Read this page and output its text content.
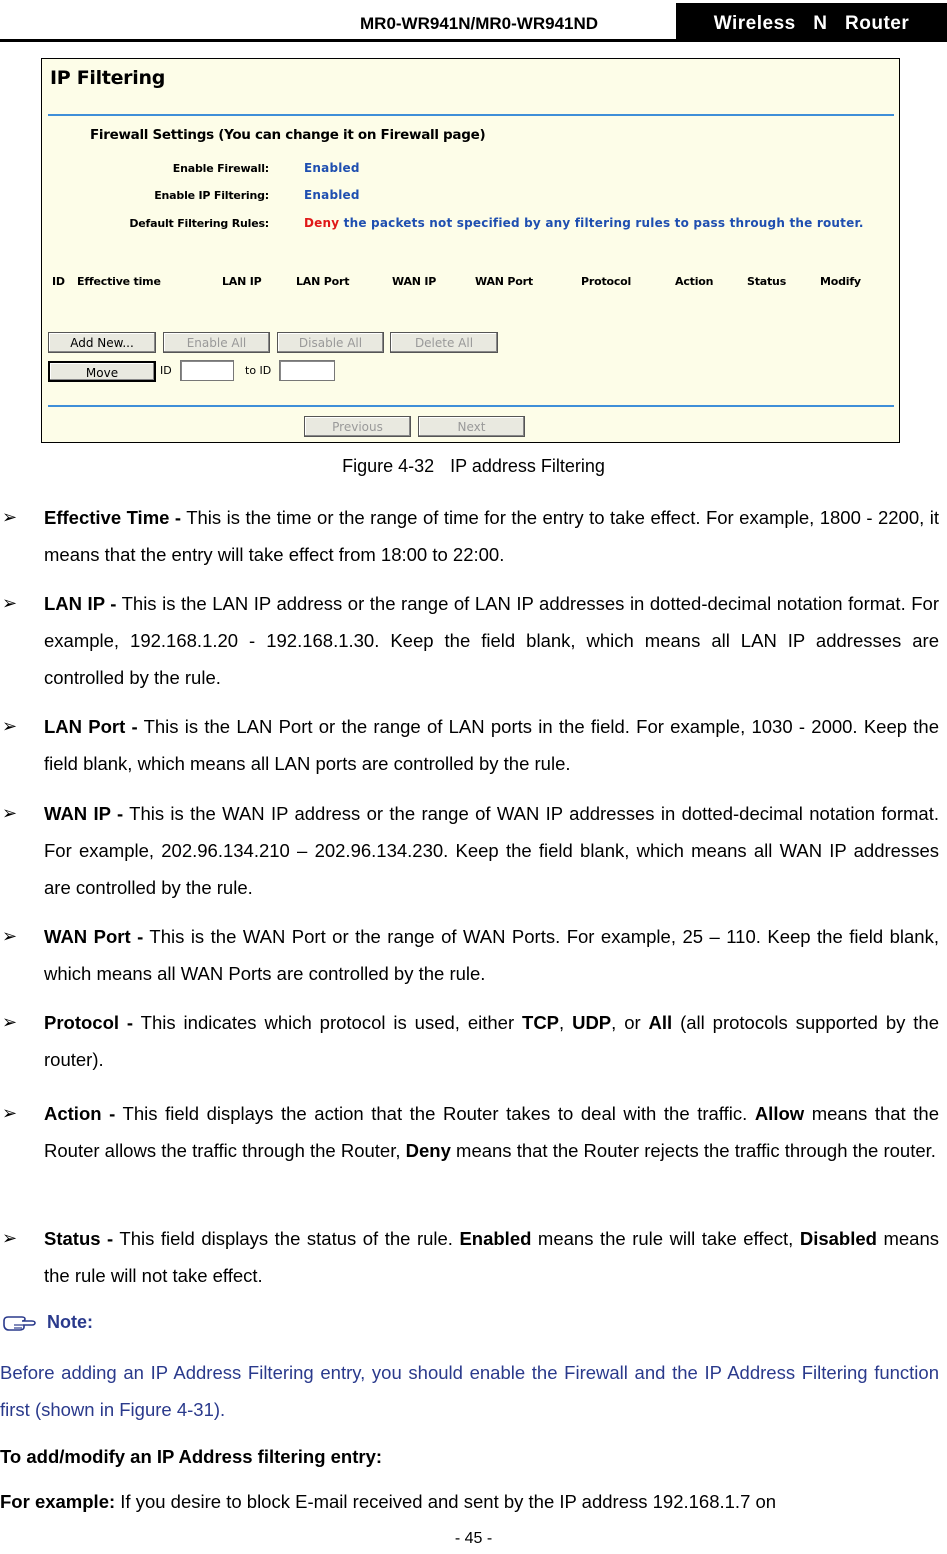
MR0-WR941N/MR0-WR941ND	Wireless  N  Router
IP Filtering
Firewall Settings (You can change it on Firewall page)
Enable Firewall:	Enabled
Enable IP Filtering:	Enabled
Default Filtering Rules:	Deny the packets not specified by any filtering rules to pass through the router.
ID Effective time	LAN IP	LAN Port	WAN IP	WAN Port	Protocol	Action	Status	Modify
Add New...	Enable All	Disable All	Delete All
Move	ID	to ID
Previous	Next
Figure 4-32 IP address Filtering
➢ Effective Time - This is the time or the range of time for the entry to take effect. For example, 1800 - 2200, it means that the entry will take effect from 18:00 to 22:00.
➢ LAN IP - This is the LAN IP address or the range of LAN IP addresses in dotted-decimal notation format. For example, 192.168.1.20 - 192.168.1.30. Keep the field blank, which means all LAN IP addresses are controlled by the rule.
➢ LAN Port - This is the LAN Port or the range of LAN ports in the field. For example, 1030 - 2000. Keep the field blank, which means all LAN ports are controlled by the rule.
➢ WAN IP - This is the WAN IP address or the range of WAN IP addresses in dotted-decimal notation format. For example, 202.96.134.210 – 202.96.134.230. Keep the field blank, which means all WAN IP addresses are controlled by the rule.
➢ WAN Port - This is the WAN Port or the range of WAN Ports. For example, 25 – 110. Keep the field blank, which means all WAN Ports are controlled by the rule.
➢ Protocol - This indicates which protocol is used, either TCP, UDP, or All (all protocols supported by the router).
➢ Action - This field displays the action that the Router takes to deal with the traffic. Allow means that the Router allows the traffic through the Router, Deny means that the Router rejects the traffic through the router.
➢ Status - This field displays the status of the rule. Enabled means the rule will take effect, Disabled means the rule will not take effect.
Note:
Before adding an IP Address Filtering entry, you should enable the Firewall and the IP Address Filtering function first (shown in Figure 4-31).
To add/modify an IP Address filtering entry:
For example: If you desire to block E-mail received and sent by the IP address 192.168.1.7 on
- 45 -
